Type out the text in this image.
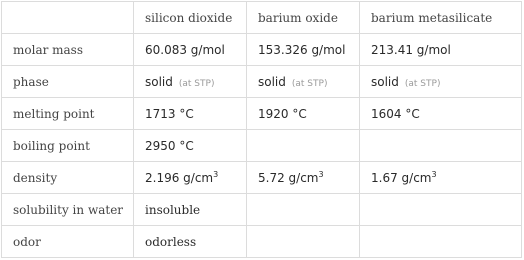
	silicon dioxide	barium oxide	barium metasilicate
molar mass	60.083 g/mol	153.326 g/mol	213.41 g/mol
phase	solid (at STP)	solid (at STP)	solid (at STP)
melting point	1713 °C	1920 °C	1604 °C
boiling point	2950 °C		
density	2.196 $g/cm^3$	5.72 $g/cm^3$	1.67 $g/cm^3$
solubility in water	insoluble		
odor	odorless		
